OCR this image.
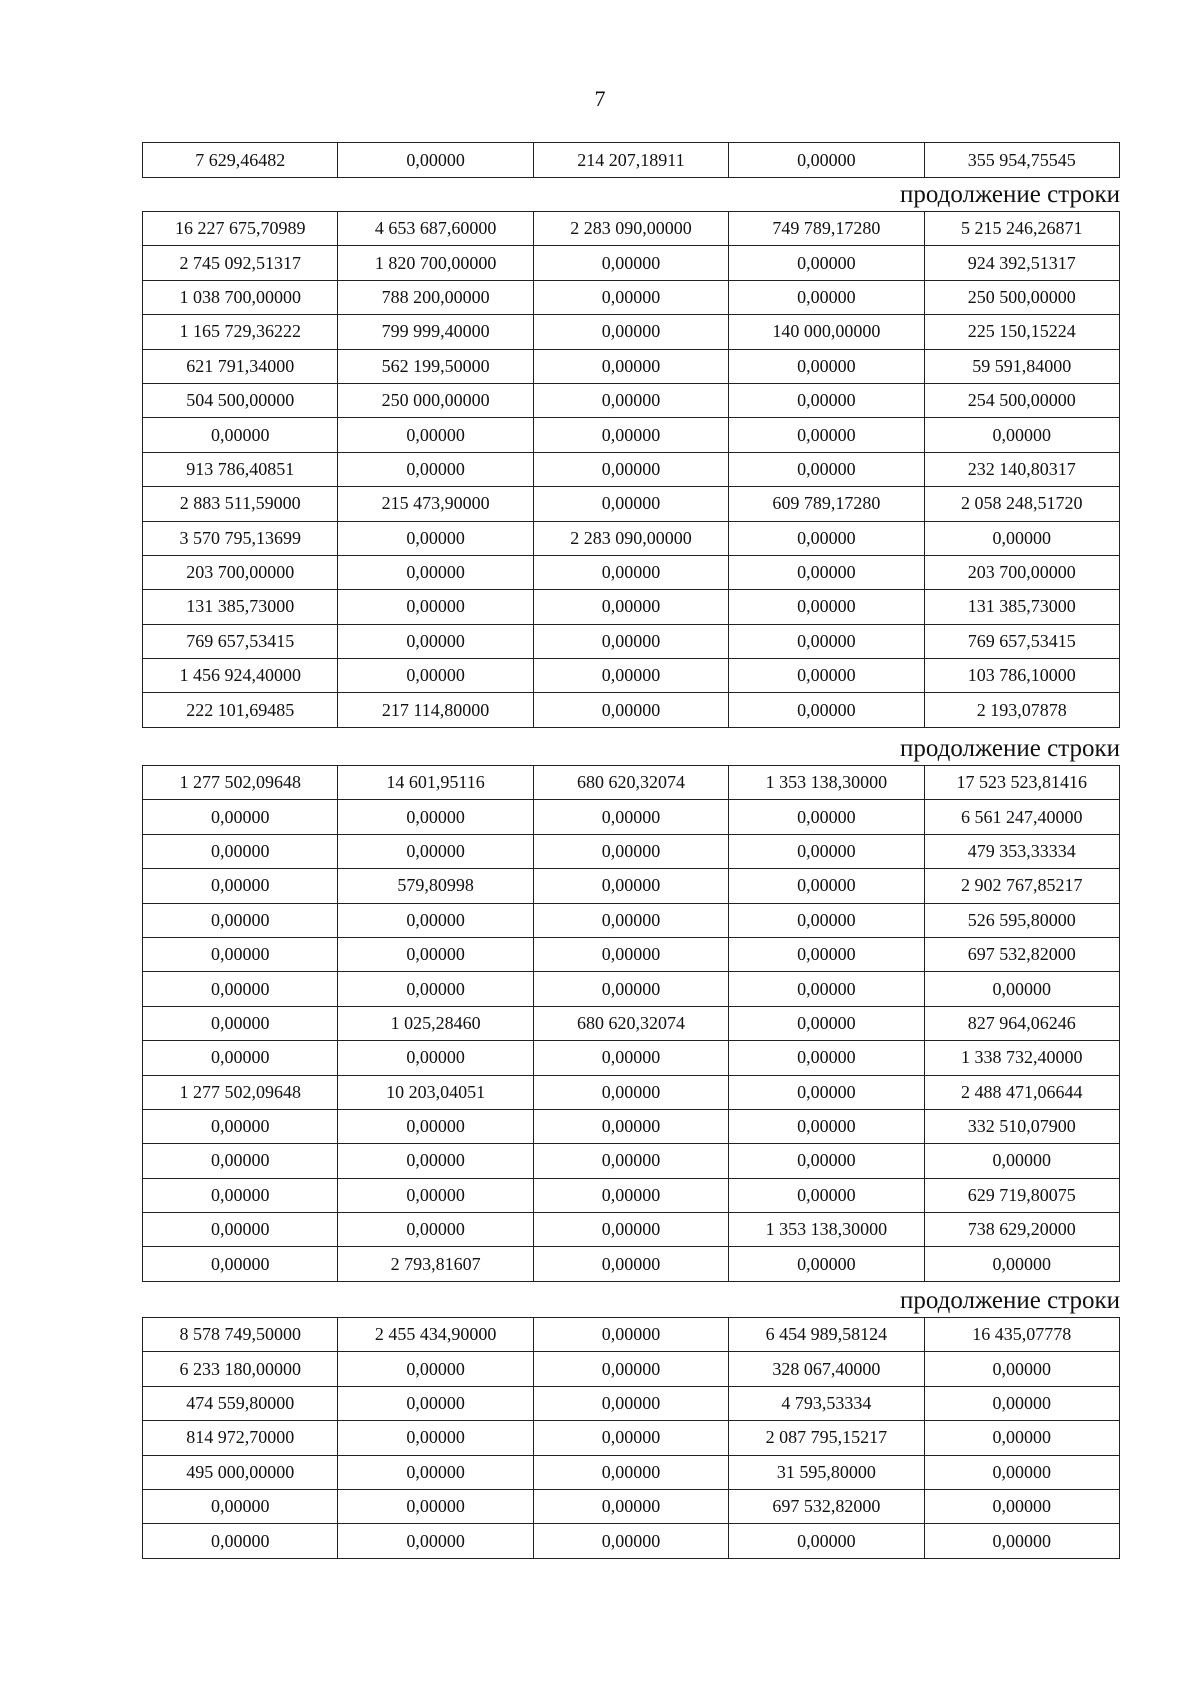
7
7 629,46482	0,00000	214 207,18911	0,00000	355 954,75545
продолжение строки
16 227 675,70989	4 653 687,60000	2 283 090,00000	749 789,17280	5 215 246,26871
2 745 092,51317	1 820 700,00000	0,00000	0,00000	924 392,51317
1 038 700,00000	788 200,00000	0,00000	0,00000	250 500,00000
1 165 729,36222	799 999,40000	0,00000	140 000,00000	225 150,15224
621 791,34000	562 199,50000	0,00000	0,00000	59 591,84000
504 500,00000	250 000,00000	0,00000	0,00000	254 500,00000
0,00000	0,00000	0,00000	0,00000	0,00000
913 786,40851	0,00000	0,00000	0,00000	232 140,80317
2 883 511,59000	215 473,90000	0,00000	609 789,17280	2 058 248,51720
3 570 795,13699	0,00000	2 283 090,00000	0,00000	0,00000
203 700,00000	0,00000	0,00000	0,00000	203 700,00000
131 385,73000	0,00000	0,00000	0,00000	131 385,73000
769 657,53415	0,00000	0,00000	0,00000	769 657,53415
1 456 924,40000	0,00000	0,00000	0,00000	103 786,10000
222 101,69485	217 114,80000	0,00000	0,00000	2 193,07878
продолжение строки
1 277 502,09648	14 601,95116	680 620,32074	1 353 138,30000	17 523 523,81416
0,00000	0,00000	0,00000	0,00000	6 561 247,40000
0,00000	0,00000	0,00000	0,00000	479 353,33334
0,00000	579,80998	0,00000	0,00000	2 902 767,85217
0,00000	0,00000	0,00000	0,00000	526 595,80000
0,00000	0,00000	0,00000	0,00000	697 532,82000
0,00000	0,00000	0,00000	0,00000	0,00000
0,00000	1 025,28460	680 620,32074	0,00000	827 964,06246
0,00000	0,00000	0,00000	0,00000	1 338 732,40000
1 277 502,09648	10 203,04051	0,00000	0,00000	2 488 471,06644
0,00000	0,00000	0,00000	0,00000	332 510,07900
0,00000	0,00000	0,00000	0,00000	0,00000
0,00000	0,00000	0,00000	0,00000	629 719,80075
0,00000	0,00000	0,00000	1 353 138,30000	738 629,20000
0,00000	2 793,81607	0,00000	0,00000	0,00000
продолжение строки
8 578 749,50000	2 455 434,90000	0,00000	6 454 989,58124	16 435,07778
6 233 180,00000	0,00000	0,00000	328 067,40000	0,00000
474 559,80000	0,00000	0,00000	4 793,53334	0,00000
814 972,70000	0,00000	0,00000	2 087 795,15217	0,00000
495 000,00000	0,00000	0,00000	31 595,80000	0,00000
0,00000	0,00000	0,00000	697 532,82000	0,00000
0,00000	0,00000	0,00000	0,00000	0,00000
